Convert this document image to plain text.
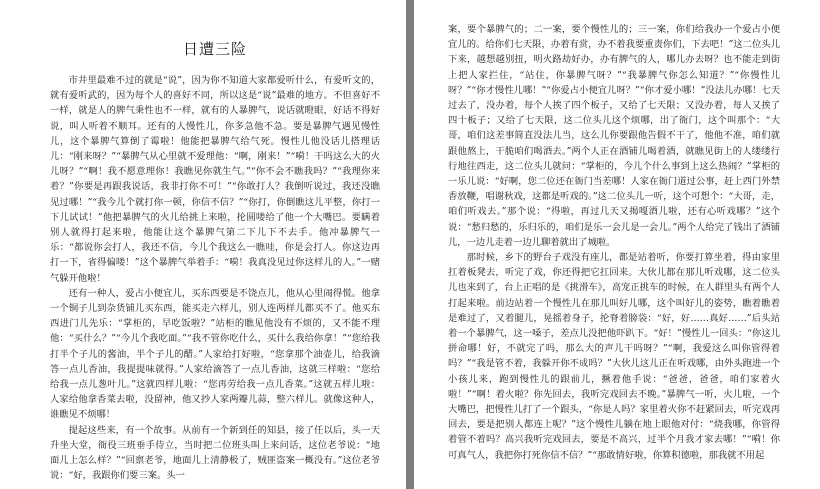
日遭三险

市井里最难不过的就是“说”，因为你不知道大家都爱听什么，有爱听文的，就有爱听武的，因为每个人的喜好不同，所以这是“说”最难的地方。不但喜好不一样，就是人的脾气秉性也不一样，就有的人暴脾气，说话就瞪眼，好话不得好说，叫人听着不顺耳。还有的人慢性儿，你多急他不急。要是暴脾气遇见慢性儿，这个暴脾气算倒了霉啦！他能把暴脾气给气死。慢性儿他没话儿搭理话儿：“刚来呀？”“暴脾气从心里就不爱理他：“啊，刚来！”“嗬！干吗这么大的火儿呀？”“啊！我不愿意理你！我瞧见你就生气。”“你不会不瞧我吗？”“我理你来着？”你要是再跟我说话，我非打你不可！”“你敢打人？我倒听说过，我还没瞧见过哪！”“我今儿个就打你一顿，你信不信？”“你打，你倒瞧这儿平整，你打一下儿试试！”他把暴脾气的火儿给挑上来啦，抡圆喽给了他一个大嘴巴。要瞒着别人就得打起来啦，他能让这个暴脾气第二下儿下不去手。他冲暴脾气一乐：“都说你会打人，我还不信，今儿个我这么一瞧哇，你是会打人。你这边再打一下，省得偏喽！”这个暴脾气举着手：“嗬！我真没见过你这样儿的人。”一赌气躲开他啦！

还有一种人，爱占小便宜儿，买东西要是不饶点儿，他从心里闹得慌。他拿一个铜子儿到杂货铺儿买东西，能买走六样儿，别人连两样儿都买不了。他买东西进门儿先乐：“掌柜的，早吃饭啦？”站柜的瞧见他没有不烦的，又不能不理他：“买什么？”“今儿个我吃面。”“我不管你吃什么，买什么我给你拿！”“您给我打半个子儿的酱油，半个子儿的醋。”人家给打好啦，“您拿那个油壶儿，给我滴答一点儿香油，我提提味就得。”人家给滴答了一点儿香油，这就三样啦：“您给给我一点儿葱叶儿。”这就四样儿啦：“您再劳给我一点儿香菜。”这就五样儿啦：人家给他拿香菜去啦，没留神，他又抄人家两瓣儿蒜，整六样儿。就像这种人，谁瞧见不烦哪！

提起这些来，有一个故事。从前有一个新到任的知县，接了任以后，头一天升坐大堂，衙役三班垂手侍立，当时把二位班头叫上来问话，这位老爷说：“地面儿上怎么样？”“回禀老爷，地面儿上清静极了，贼匪盗案一概没有。”这位老爷说：“好，我跟你们要三案。头一

案，要个暴脾气的；二一案，要个慢性儿的；三一案，你们给我办一个爱占小便宜儿的。给你们七天限，办着有赏，办不着我要重责你们，下去吧！”这二位头儿下来，越想越别扭，明火路劫好办，办有脾气的人，哪儿办去呀？也不能走到街上把人家拦住，“站住，你暴脾气呀？”“我暴脾气你怎么知道？”“你慢性儿呀？”“你才慢性儿哪！”“你爱占小便宜儿呀？”“你才爱小哪！”没法儿办哪！七天过去了，没办着，每个人挨了四个板子，又给了七天限；又没办着，每人又挨了四十板子；又给了七天限，这二位头儿这个烦哪，出了衙门，这个叫那个：“大哥，咱们这差事简直没法儿当，这么儿你要跟他告假不干了，他他不准，咱们就跟他熬上，干脆咱们喝酒去。”两个人正在酒铺儿喝着酒，就瞧见街上的人缕缕行行地往西走，这二位头儿就问：“掌柜的，今儿个什么事到上这么热闹？”掌柜的一乐儿说：“好啊，您二位还在衙门当差哪！人家在衙门道过公事，赶上西门外禁香放鞭，唱谢秋戏，这都是听戏的。”这二位头儿一听，这个可想个：“大哥，走，咱们听戏去。”那个说：“得啦，再过几天又揭嘎酒儿啦，还有心听戏哪？”这个说：“愁归愁的，乐归乐的，咱们是乐一会儿是一会儿。”两个人给完了钱出了酒铺儿，一边儿走着一边儿聊着就出了城啦。

那时候，乡下的野台子戏没有座儿，都是站着听，你要打算坐着，得由家里扛着板凳去，听完了戏，你还得把它扛回来。大伙儿都在那儿听戏哪，这二位头儿也来到了，台上正唱的是《挑滑车》，高宠正挑车的时候，在人群里头有两个人打起来啦。前边站着一个慢性儿在那儿叫好儿哪，这个叫好儿的姿势，瞧着瞧着是难过了，又着腿儿，晃摇着身子，抡脊着膀袋：“好，好……真好……”后头站着一个暴脾气，这一嗓子，差点儿没把他吓趴下。“好！”慢性儿一回头：“你这儿拼命哪！好，不就完了吗，那么大的声儿干吗呀？”“啊，我爱这么叫你管得着吗？”“我是管不着，我躲开你不成吗？”大伙儿这儿正在听戏哪，由外头跑进一个小孩儿来，跑到慢性儿的跟前儿，撅着他手说：“爸爸，爸爸，咱们家着火啦！”“啊！着火啦？你先回去，我听完戏回去不晚。”暴脾气一听，火儿啦，一个大嘴巴，把慢性儿打了一个跟头，“你是人吗？家里着火你不赶紧回去，听完戏再回去，要是把别人都连上呢？”这个慢性儿躺在地上眼他对付：“烧我哪，你管得着管不着吗？高兴我听完戏回去，要是不高兴，过半个月我才家去哪！”“嗬！你可真气人，我把你打死你信不信？”“那敢情好啦，你算积德啦，那我就不用起
